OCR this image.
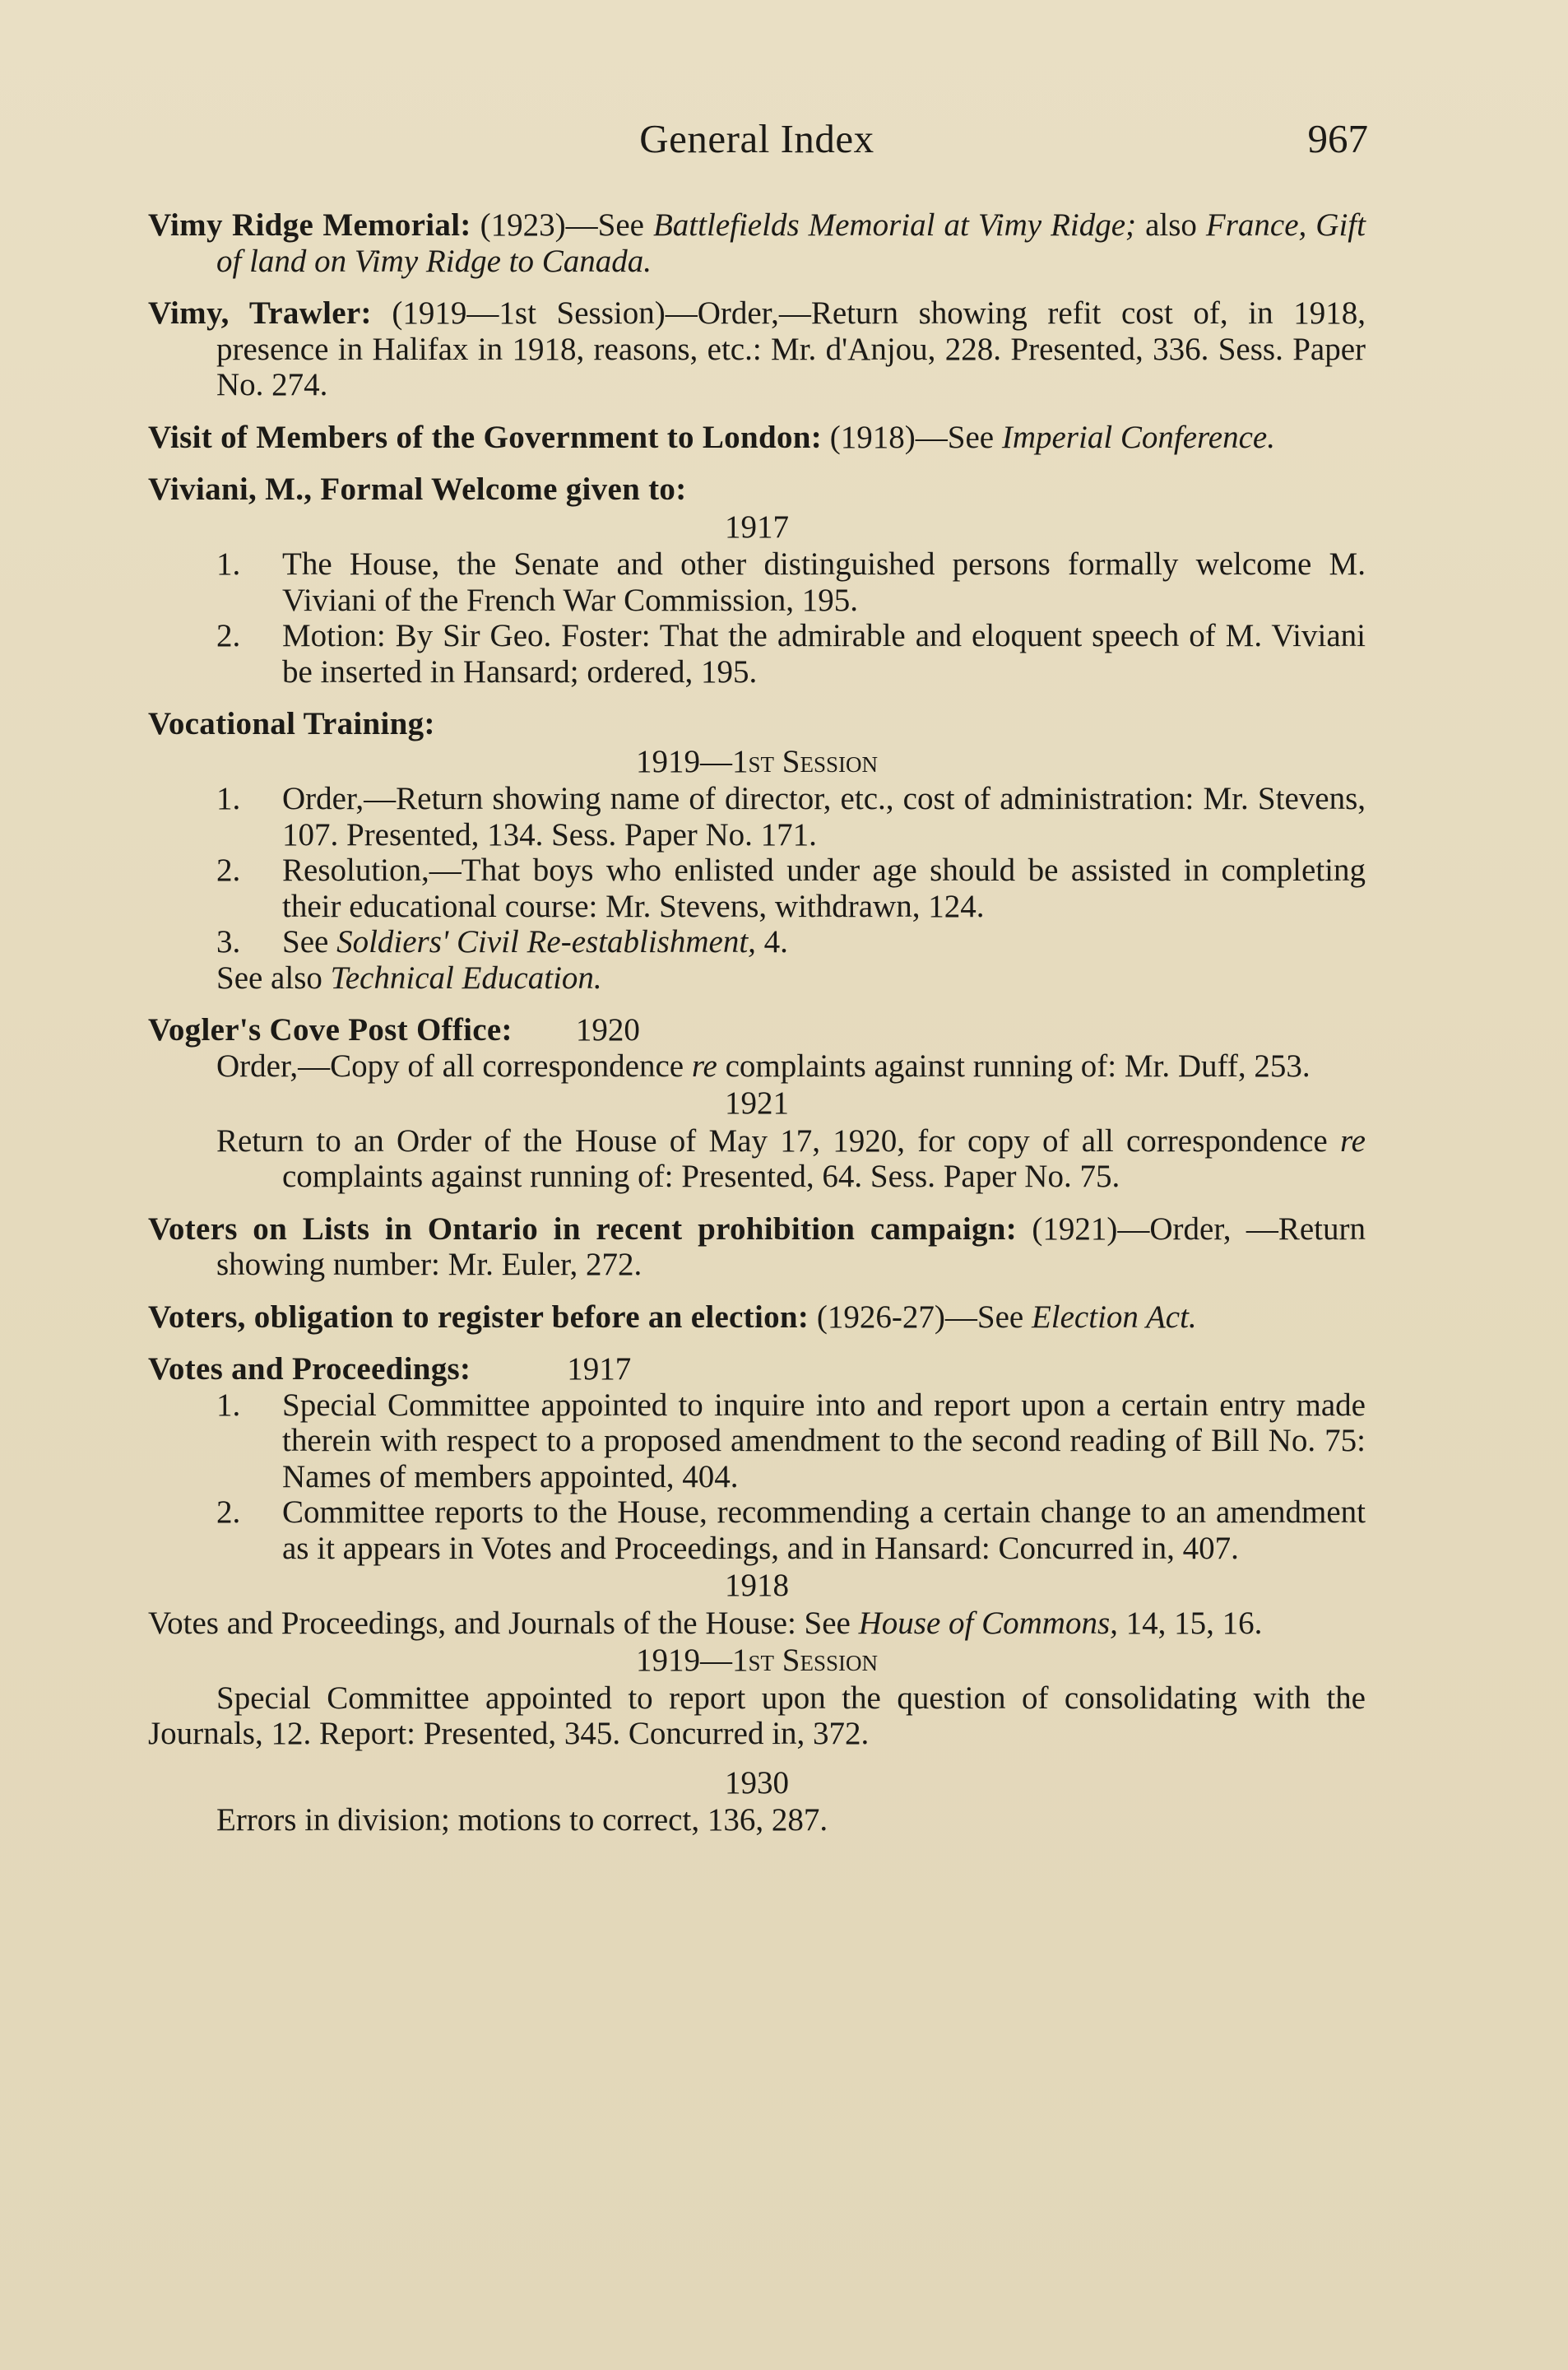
General Index	967

Vimy Ridge Memorial: (1923)—See Battlefields Memorial at Vimy Ridge; also France, Gift of land on Vimy Ridge to Canada.

Vimy, Trawler: (1919—1st Session)—Order,—Return showing refit cost of, in 1918, presence in Halifax in 1918, reasons, etc.: Mr. d'Anjou, 228. Presented, 336. Sess. Paper No. 274.

Visit of Members of the Government to London: (1918)—See Imperial Conference.

Viviani, M., Formal Welcome given to:

1917

1. The House, the Senate and other distinguished persons formally welcome M. Viviani of the French War Commission, 195.

2. Motion: By Sir Geo. Foster: That the admirable and eloquent speech of M. Viviani be inserted in Hansard; ordered, 195.

Vocational Training:

1919—1st Session

1. Order,—Return showing name of director, etc., cost of administration: Mr. Stevens, 107. Presented, 134. Sess. Paper No. 171.

2. Resolution,—That boys who enlisted under age should be assisted in completing their educational course: Mr. Stevens, withdrawn, 124.

3. See Soldiers' Civil Re-establishment, 4.

See also Technical Education.

Vogler's Cove Post Office: 1920

Order,—Copy of all correspondence re complaints against running of: Mr. Duff, 253.

1921

Return to an Order of the House of May 17, 1920, for copy of all correspondence re complaints against running of: Presented, 64. Sess. Paper No. 75.

Voters on Lists in Ontario in recent prohibition campaign: (1921)—Order, —Return showing number: Mr. Euler, 272.

Voters, obligation to register before an election: (1926-27)—See Election Act.

Votes and Proceedings:	1917

1. Special Committee appointed to inquire into and report upon a certain entry made therein with respect to a proposed amendment to the second reading of Bill No. 75: Names of members appointed, 404.

2. Committee reports to the House, recommending a certain change to an amendment as it appears in Votes and Proceedings, and in Hansard: Concurred in, 407.

1918

Votes and Proceedings, and Journals of the House: See House of Commons, 14, 15, 16.

1919—1st Session

Special Committee appointed to report upon the question of consolidating with the Journals, 12. Report: Presented, 345. Concurred in, 372.

1930

Errors in division; motions to correct, 136, 287.
